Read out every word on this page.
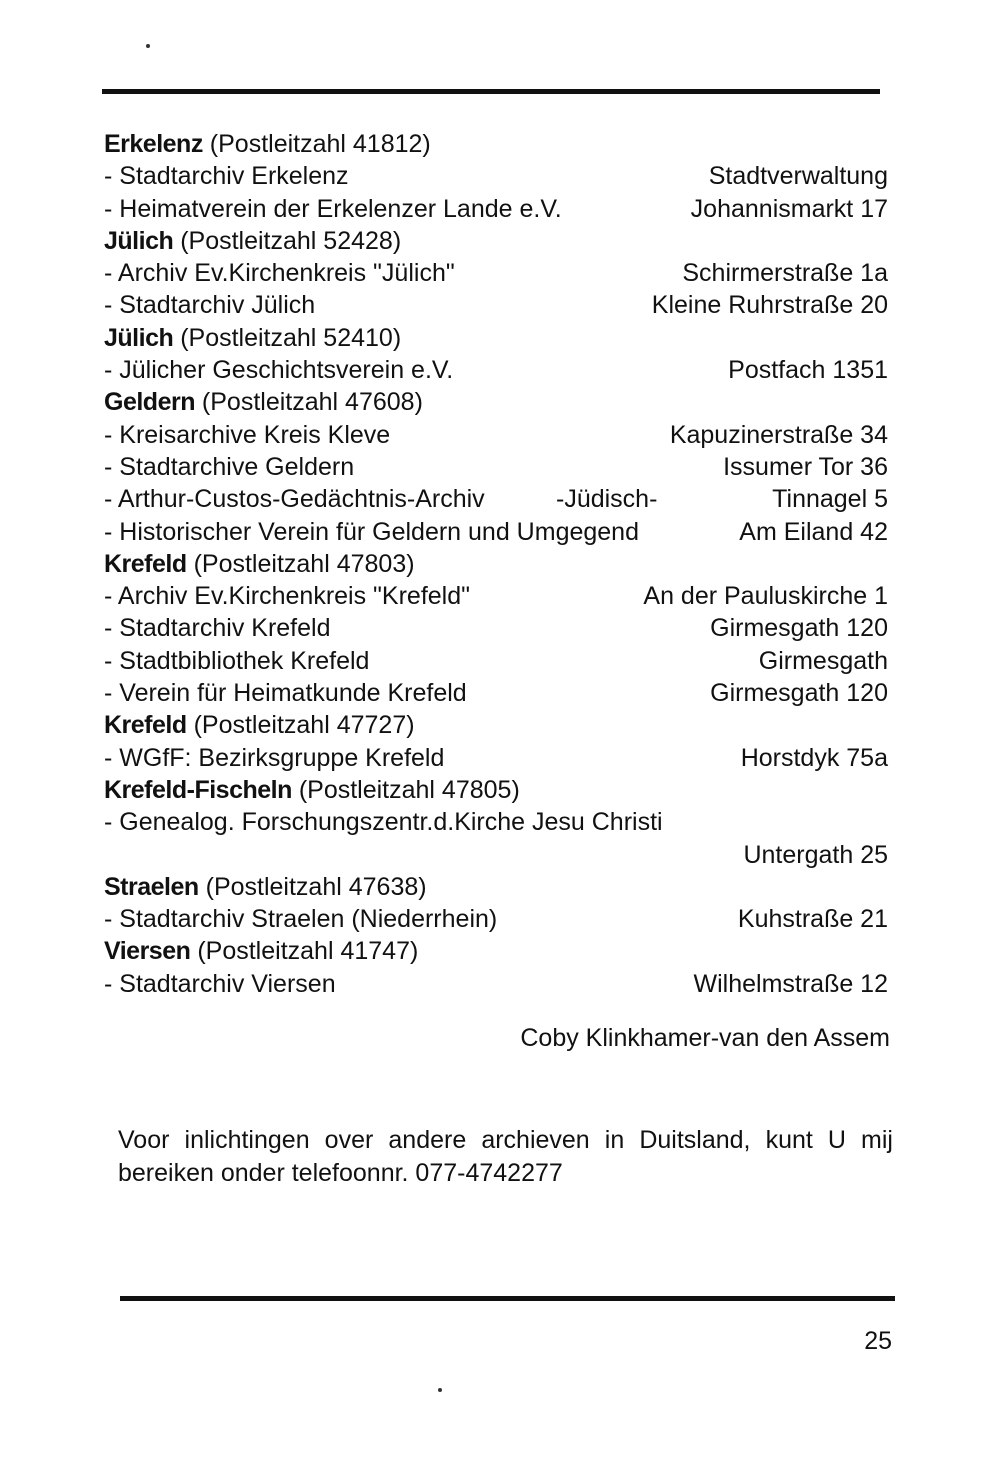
Erkelenz (Postleitzahl 41812)
- Stadtarchiv Erkelenz	Stadtverwaltung
- Heimatverein der Erkelenzer Lande e.V.	Johannismarkt 17
Jülich (Postleitzahl 52428)
- Archiv Ev.Kirchenkreis "Jülich"	Schirmerstraße 1a
- Stadtarchiv Jülich	Kleine Ruhrstraße 20
Jülich (Postleitzahl 52410)
- Jülicher Geschichtsverein e.V.	Postfach 1351
Geldern (Postleitzahl 47608)
- Kreisarchive Kreis Kleve	Kapuzinerstraße 34
- Stadtarchive Geldern	Issumer Tor 36
- Arthur-Custos-Gedächtnis-Archiv	-Jüdisch-	Tinnagel 5
- Historischer Verein für Geldern und Umgegend	Am Eiland 42
Krefeld (Postleitzahl 47803)
- Archiv Ev.Kirchenkreis "Krefeld"	An der Pauluskirche 1
- Stadtarchiv Krefeld	Girmesgath 120
- Stadtbibliothek Krefeld	Girmesgath
- Verein für Heimatkunde Krefeld	Girmesgath 120
Krefeld (Postleitzahl 47727)
- WGfF: Bezirksgruppe Krefeld	Horstdyk 75a
Krefeld-Fischeln (Postleitzahl 47805)
- Genealog. Forschungszentr.d.Kirche Jesu Christi
Untergath 25
Straelen (Postleitzahl 47638)
- Stadtarchiv Straelen (Niederrhein)	Kuhstraße 21
Viersen (Postleitzahl 41747)
- Stadtarchiv Viersen	Wilhelmstraße 12
Coby Klinkhamer-van den Assem
Voor inlichtingen over andere archieven in Duitsland, kunt U mij bereiken onder telefoonnr. 077-4742277
25
